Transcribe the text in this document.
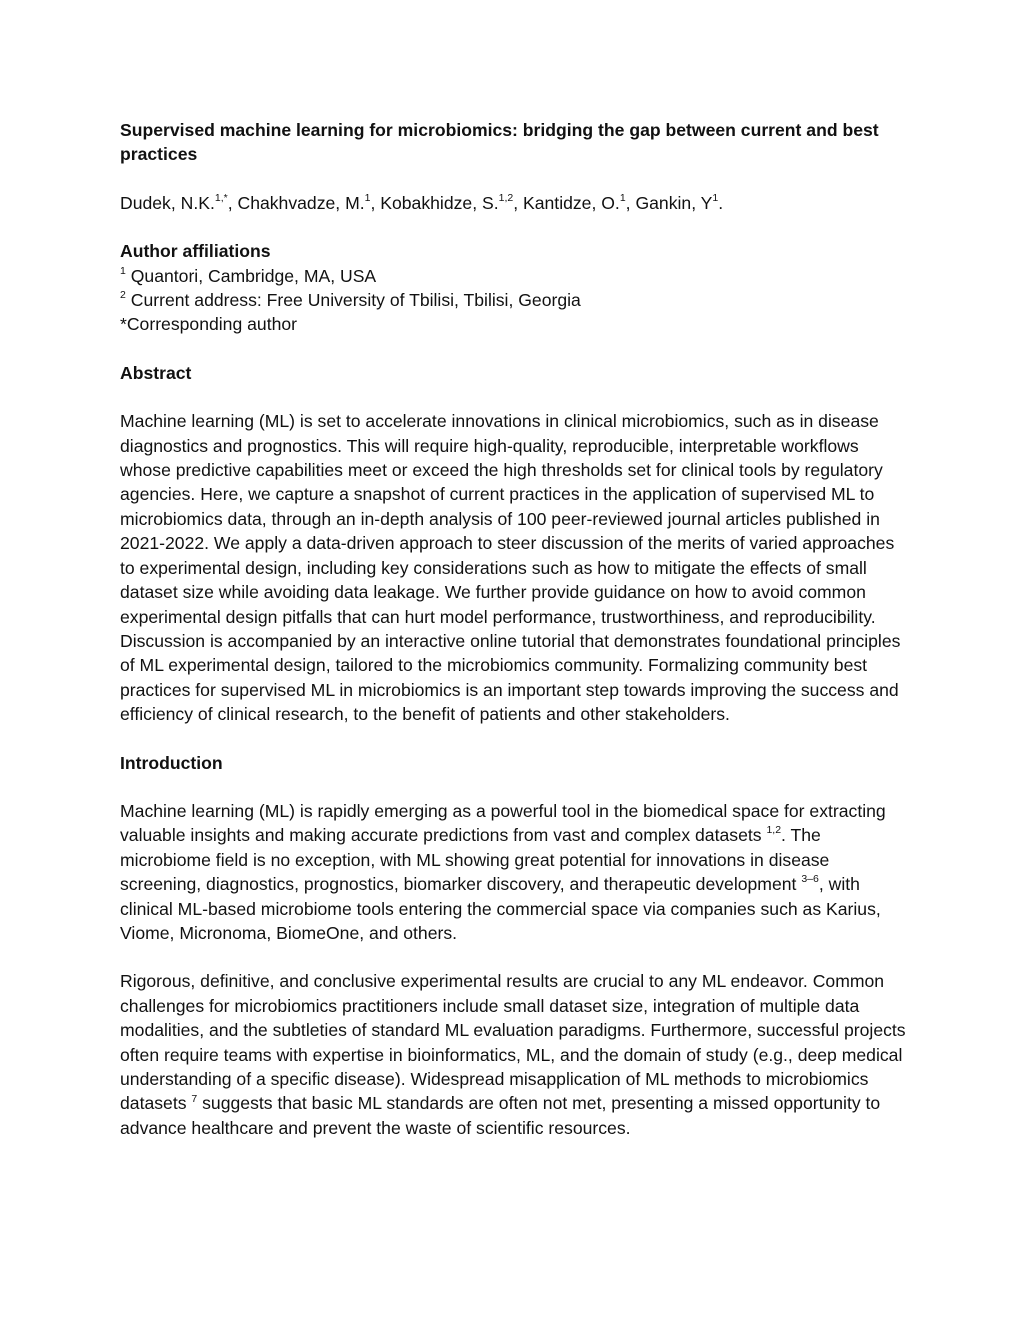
Supervised machine learning for microbiomics: bridging the gap between current and best practices

Dudek, N.K.$^{1,*}$, Chakhvadze, M.$^1$, Kobakhidze, S.$^{1,2}$, Kantidze, O.$^1$, Gankin, $Y^1$.

Author affiliations

$^1$ Quantori, Cambridge, MA, USA

$^2$ Current address: Free University of Tbilisi, Tbilisi, Georgia

*Corresponding author

Abstract

Machine learning (ML) is set to accelerate innovations in clinical microbiomics, such as in disease diagnostics and prognostics. This will require high-quality, reproducible, interpretable workflows whose predictive capabilities meet or exceed the high thresholds set for clinical tools by regulatory agencies. Here, we capture a snapshot of current practices in the application of supervised ML to microbiomics data, through an in-depth analysis of 100 peer-reviewed journal articles published in 2021-2022. We apply a data-driven approach to steer discussion of the merits of varied approaches to experimental design, including key considerations such as how to mitigate the effects of small dataset size while avoiding data leakage. We further provide guidance on how to avoid common experimental design pitfalls that can hurt model performance, trustworthiness, and reproducibility. Discussion is accompanied by an interactive online tutorial that demonstrates foundational principles of ML experimental design, tailored to the microbiomics community. Formalizing community best practices for supervised ML in microbiomics is an important step towards improving the success and efficiency of clinical research, to the benefit of patients and other stakeholders.

Introduction

Machine learning (ML) is rapidly emerging as a powerful tool in the biomedical space for extracting valuable insights and making accurate predictions from vast and complex datasets $^{1,2}$. The microbiome field is no exception, with ML showing great potential for innovations in disease screening, diagnostics, prognostics, biomarker discovery, and therapeutic development $^{3-6}$, with clinical ML-based microbiome tools entering the commercial space via companies such as Karius, Viome, Micronoma, BiomeOne, and others.

Rigorous, definitive, and conclusive experimental results are crucial to any ML endeavor. Common challenges for microbiomics practitioners include small dataset size, integration of multiple data modalities, and the subtleties of standard ML evaluation paradigms. Furthermore, successful projects often require teams with expertise in bioinformatics, ML, and the domain of study (e.g., deep medical understanding of a specific disease). Widespread misapplication of ML methods to microbiomics datasets $^7$ suggests that basic ML standards are often not met, presenting a missed opportunity to advance healthcare and prevent the waste of scientific resources.
